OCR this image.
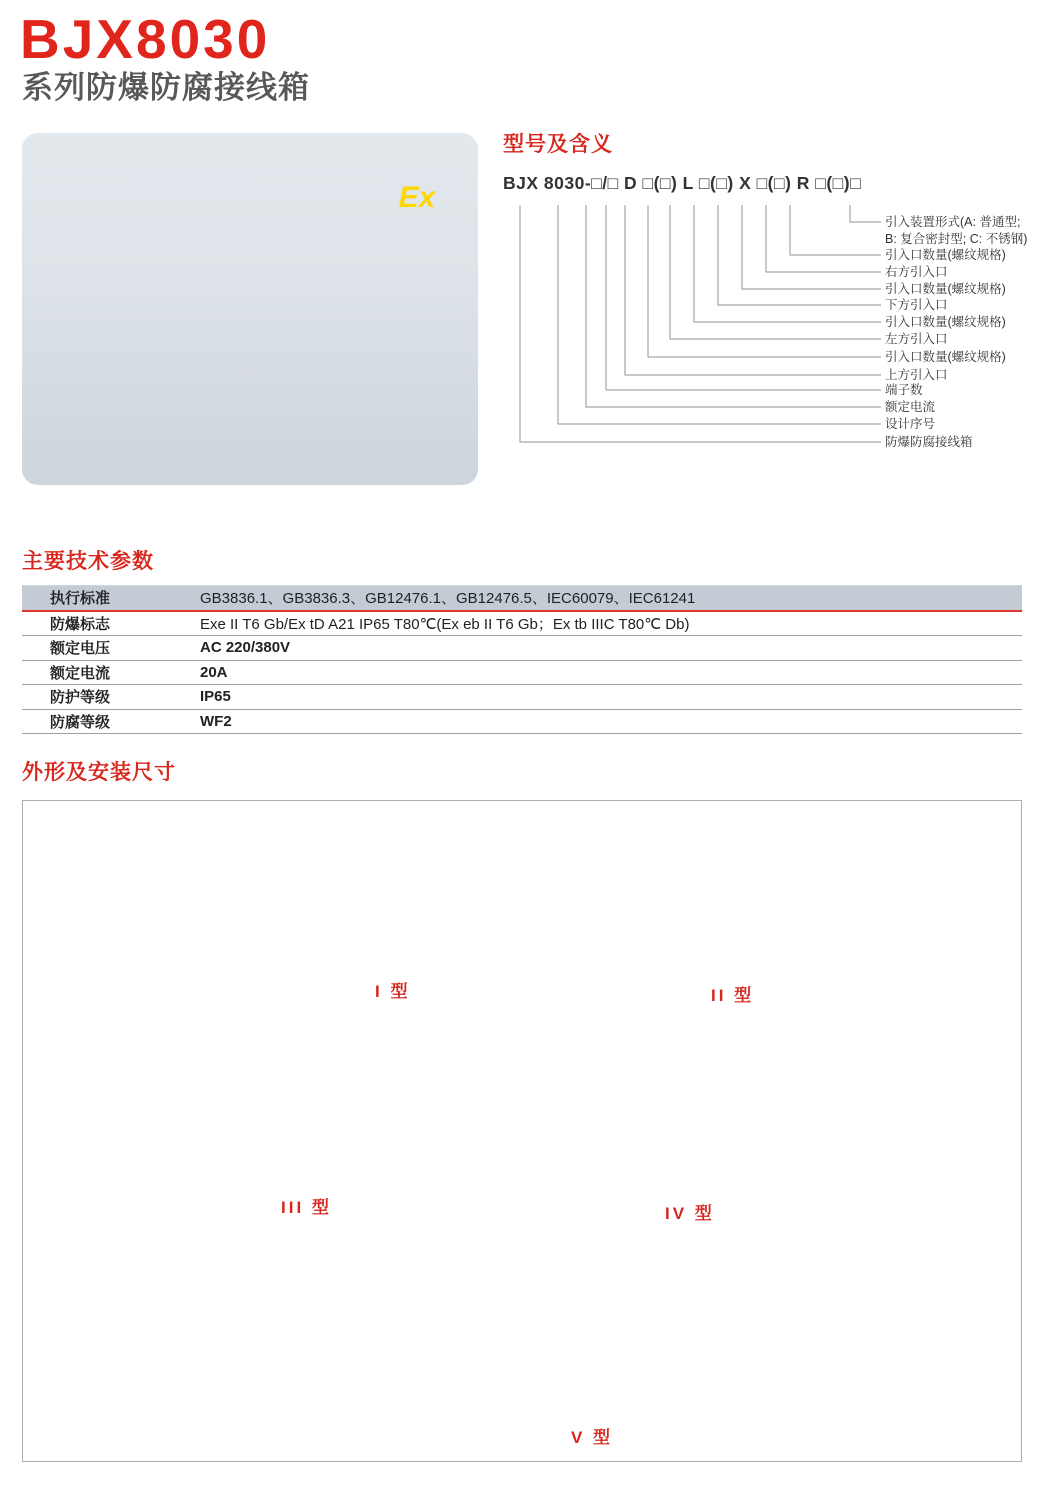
BJX8030
系列防爆防腐接线箱
Ex
型号及含义
BJX 8030-□/□ D □(□) L □(□) X □(□) R □(□)□
引入装置形式(A: 普通型;
B: 复合密封型; C: 不锈钢)
引入口数量(螺纹规格)
右方引入口
引入口数量(螺纹规格)
下方引入口
引入口数量(螺纹规格)
左方引入口
引入口数量(螺纹规格)
上方引入口
端子数
额定电流
设计序号
防爆防腐接线箱
主要技术参数
执行标准	GB3836.1、GB3836.3、GB12476.1、GB12476.5、IEC60079、IEC61241
防爆标志	Exe II T6 Gb/Ex tD A21 IP65 T80℃(Ex eb II T6 Gb；Ex tb IIIC T80℃ Db)
额定电压	AC 220/380V
额定电流	20A
防护等级	IP65
防腐等级	WF2
外形及安装尺寸
I 型	II 型
III 型	IV 型
V 型
